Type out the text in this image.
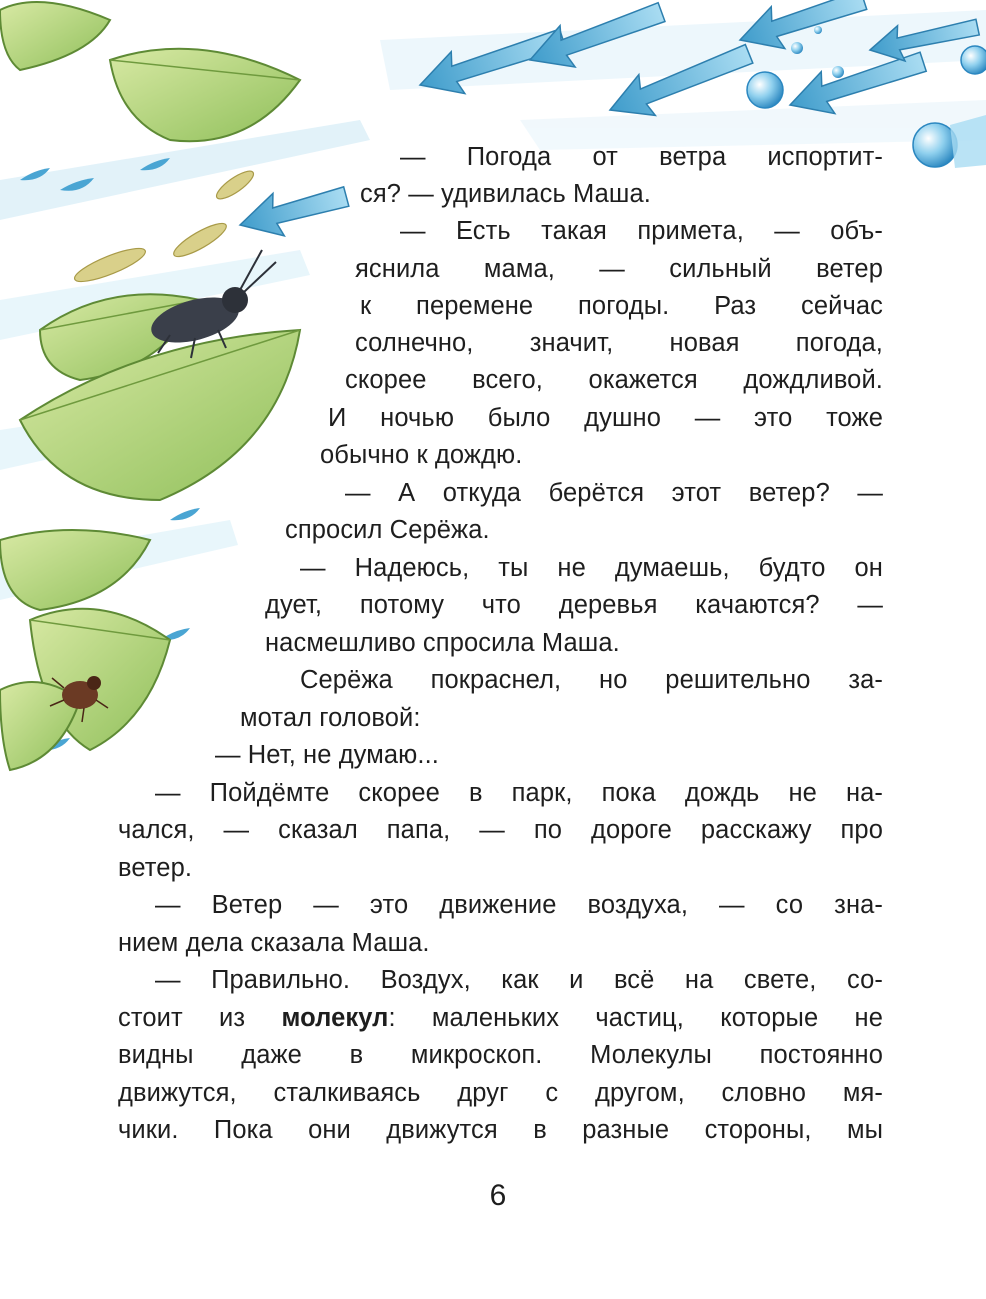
— Погода от ветра испортит-
ся? — удивилась Маша.
— Есть такая примета, — объ-
яснила мама, — сильный ветер
к перемене погоды. Раз сейчас
солнечно, значит, новая погода,
скорее всего, окажется дождливой.
И ночью было душно — это тоже
обычно к дождю.
— А откуда берётся этот ветер? —
спросил Серёжа.
— Надеюсь, ты не думаешь, будто он
дует, потому что деревья качаются? —
насмешливо спросила Маша.
Серёжа покраснел, но решительно за-
мотал головой:
— Нет, не думаю...
— Пойдёмте скорее в парк, пока дождь не на-
чался, — сказал папа, — по дороге расскажу про
ветер.
— Ветер — это движение воздуха, — со зна-
нием дела сказала Маша.
— Правильно. Воздух, как и всё на свете, со-
стоит из молекул: маленьких частиц, которые не
видны даже в микроскоп. Молекулы постоянно
движутся, сталкиваясь друг с другом, словно мя-
чики. Пока они движутся в разные стороны, мы
6
